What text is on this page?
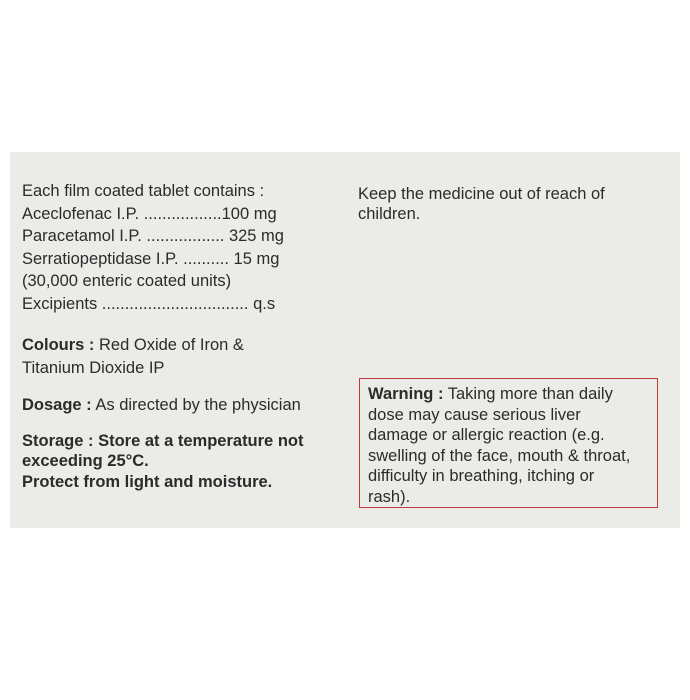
Each film coated tablet contains :
Aceclofenac I.P. .................100 mg
Paracetamol I.P. ................. 325 mg
Serratiopeptidase I.P. .......... 15 mg
(30,000 enteric coated units)
Excipients ................................ q.s
Colours : Red Oxide of Iron &
Titanium Dioxide IP
Dosage : As directed by the physician
Storage : Store at a temperature not
exceeding 25°C.
Protect from light and moisture.
Keep the medicine out of reach of
children.
Warning : Taking more than daily
dose may cause serious liver
damage or allergic reaction (e.g.
swelling of the face, mouth & throat,
difficulty in breathing, itching or
rash).
